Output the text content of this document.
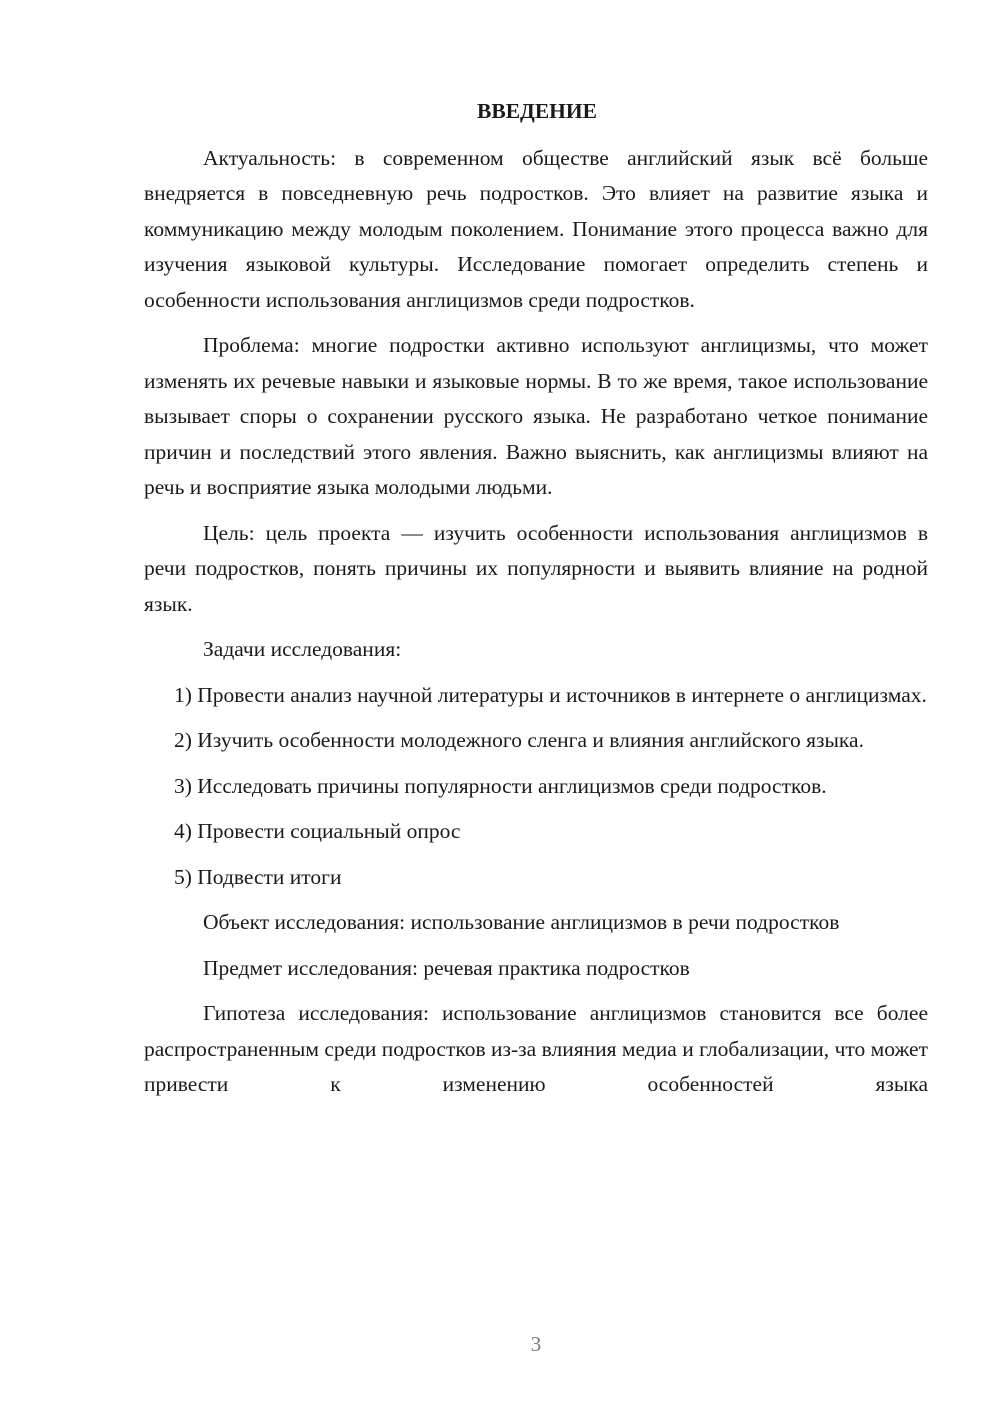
ВВЕДЕНИЕ

Актуальность: в современном обществе английский язык всё больше внедряется в повседневную речь подростков. Это влияет на развитие языка и коммуникацию между молодым поколением. Понимание этого процесса важно для изучения языковой культуры. Исследование помогает определить степень и особенности использования англицизмов среди подростков.

Проблема: многие подростки активно используют англицизмы, что может изменять их речевые навыки и языковые нормы. В то же время, такое использование вызывает споры о сохранении русского языка. Не разработано четкое понимание причин и последствий этого явления. Важно выяснить, как англицизмы влияют на речь и восприятие языка молодыми людьми.

Цель: цель проекта — изучить особенности использования англицизмов в речи подростков, понять причины их популярности и выявить влияние на родной язык.

Задачи исследования:

1) Провести анализ научной литературы и источников в интернете о англицизмах.

2) Изучить особенности молодежного сленга и влияния английского языка.

3) Исследовать причины популярности англицизмов среди подростков.

4) Провести социальный опрос

5) Подвести итоги

Объект исследования: использование англицизмов в речи подростков

Предмет исследования: речевая практика подростков

Гипотеза исследования: использование англицизмов становится все более распространенным среди подростков из-за влияния медиа и глобализации, что может привести к изменению особенностей языка

3
